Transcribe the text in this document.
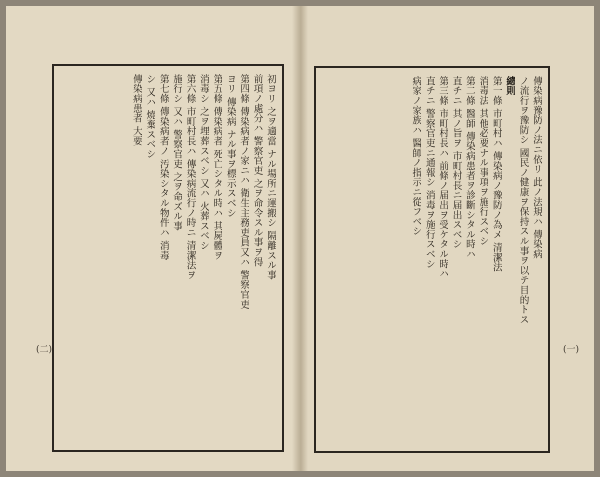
初ヨリ 之ヲ適當 ナル場所ニ運搬シ 隔離スル事
前項ノ處分ハ 警察官吏 之ヲ命令スル事ヲ得
第四條 傳染病者ノ家ニハ 衛生主務吏員又ハ 警察官吏
ヨリ 傳染病 ナル事ヲ標示スベシ
第五條 傳染病者 死亡シタル時ハ 其屍體ヲ
消毒シ 之ヲ埋葬スベシ 又ハ 火葬スベシ
第六條 市町村長ハ 傳染病流行ノ時ニ 清潔法ヲ
施行シ 又ハ 警察官吏 之ヲ命ズル事
第七條 傳染病者ノ 汚染シタル物件ハ 消毒
シ 又ハ 燒棄スベシ
傳染病患者 大要
(二)
傳染病豫防ノ法ニ依リ 此ノ法規ハ 傳染病
ノ流行ヲ豫防シ 國民ノ健康ヲ保持スル事ヲ以テ目的トス
總則
第一條 市町村ハ 傳染病ノ豫防ノ為メ 清潔法
消毒法 其他必要ナル事項ヲ施行スベシ
第二條 醫師 傳染病患者ヲ診斷シタル時ハ
直チニ 其ノ旨ヲ 市町村長ニ届出スベシ
第三條 市町村長ハ 前條ノ届出ヲ受ケタル時ハ
直チニ 警察官吏ニ通報シ 消毒ヲ施行スベシ
病家ノ家族ハ 醫師ノ指示ニ從フベシ
(一)
